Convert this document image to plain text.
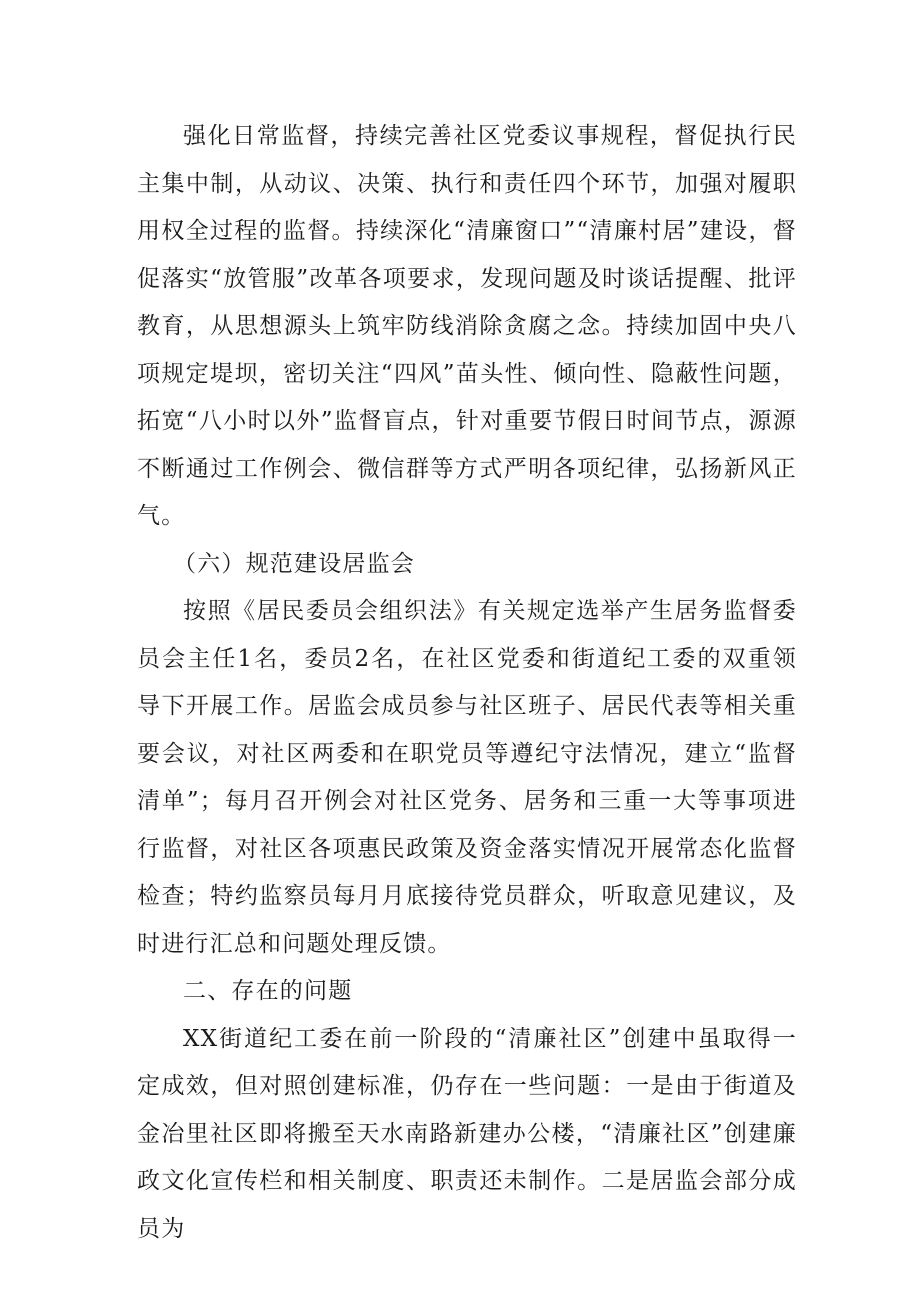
强化日常监督，持续完善社区党委议事规程，督促执行民主集中制，从动议、决策、执行和责任四个环节，加强对履职用权全过程的监督。持续深化“清廉窗口”“清廉村居”建设，督促落实“放管服”改革各项要求，发现问题及时谈话提醒、批评教育，从思想源头上筑牢防线消除贪腐之念。持续加固中央八项规定堤坝，密切关注“四风”苗头性、倾向性、隐蔽性问题，拓宽“八小时以外”监督盲点，针对重要节假日时间节点，源源不断通过工作例会、微信群等方式严明各项纪律，弘扬新风正气。

（六）规范建设居监会

按照《居民委员会组织法》有关规定选举产生居务监督委员会主任1名，委员2名，在社区党委和街道纪工委的双重领导下开展工作。居监会成员参与社区班子、居民代表等相关重要会议，对社区两委和在职党员等遵纪守法情况，建立“监督清单”；每月召开例会对社区党务、居务和三重一大等事项进行监督，对社区各项惠民政策及资金落实情况开展常态化监督检查；特约监察员每月月底接待党员群众，听取意见建议，及时进行汇总和问题处理反馈。

二、存在的问题

XX街道纪工委在前一阶段的“清廉社区”创建中虽取得一定成效，但对照创建标准，仍存在一些问题：一是由于街道及金冶里社区即将搬至天水南路新建办公楼，“清廉社区”创建廉政文化宣传栏和相关制度、职责还未制作。二是居监会部分成员为
